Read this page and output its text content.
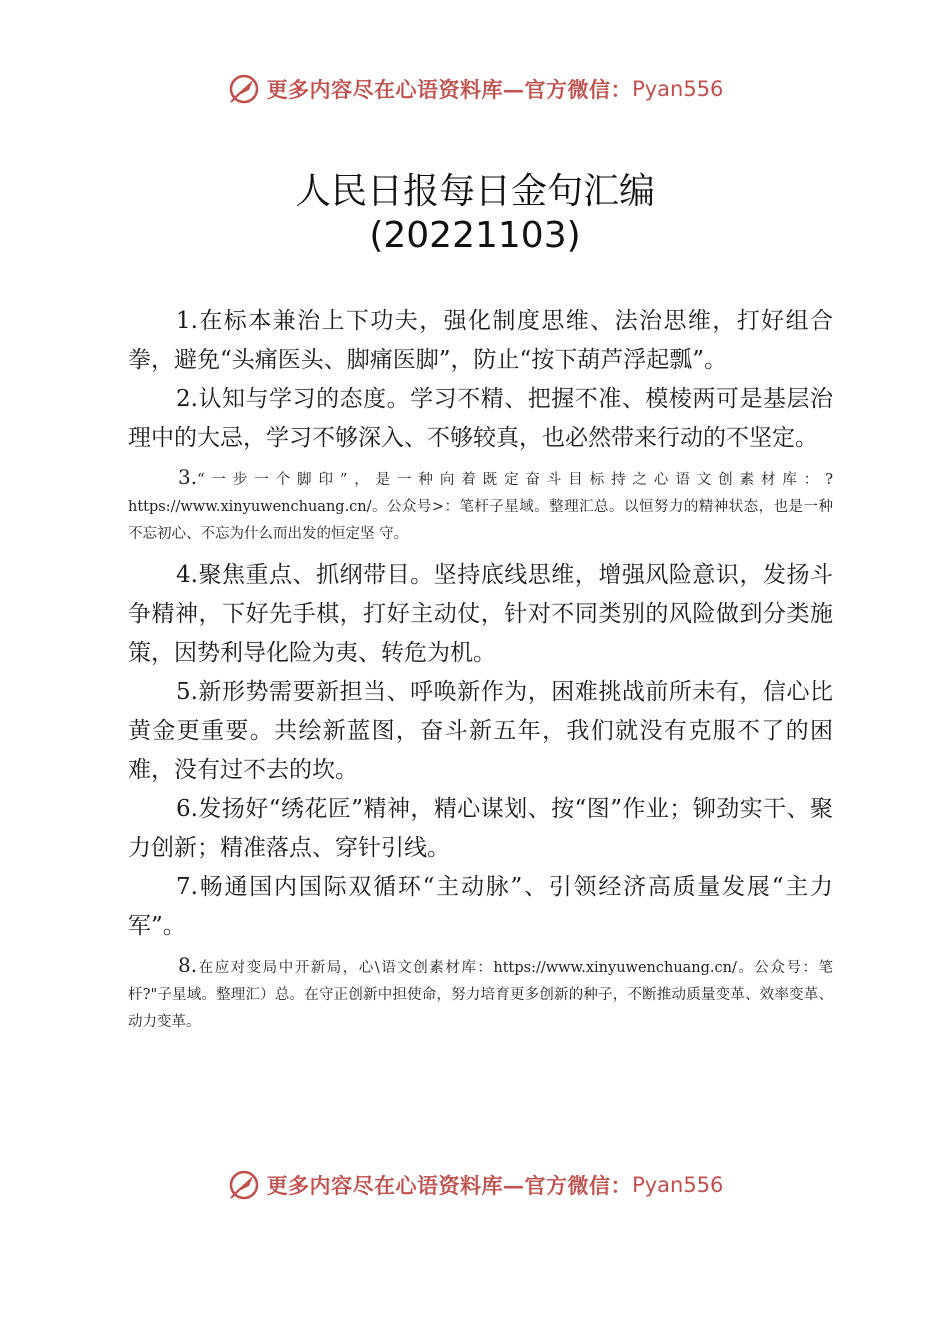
更多内容尽在心语资料库—官方微信： Pyan556
人民日报每日金句汇编
(20221103)

1.在标本兼治上下功夫，强化制度思维、法治思维，打好组合拳，避免“头痛医头、脚痛医脚”，防止“按下葫芦浮起瓢”。

2.认知与学习的态度。学习不精、把握不准、模棱两可是基层治理中的大忌，学习不够深入、不够较真，也必然带来行动的不坚定。

3.“一步一个脚印”，是一种向着既定奋斗目标持之心语文创素材库：?https://www.xinyuwenchuang.cn/。公众号>：笔杆子星域。整理汇总。以恒努力的精神状态，也是一种不忘初心、不忘为什么而出发的恒定坚 守。

4.聚焦重点、抓纲带目。坚持底线思维，增强风险意识，发扬斗争精神，下好先手棋，打好主动仗，针对不同类别的风险做到分类施策，因势利导化险为夷、转危为机。

5.新形势需要新担当、呼唤新作为，困难挑战前所未有，信心比黄金更重要。共绘新蓝图，奋斗新五年，我们就没有克服不了的困难，没有过不去的坎。

6.发扬好“绣花匠”精神，精心谋划、按“图”作业；铆劲实干、聚力创新；精准落点、穿针引线。

7.畅通国内国际双循环“主动脉”、引领经济高质量发展“主力军”。

8.在应对变局中开新局，心\语文创素材库：https://www.xinyuwenchuang.cn/。公众号：笔杆?"子星域。整理汇）总。在守正创新中担使命，努力培育更多创新的种子，不断推动质量变革、效率变革、动力变革。

更多内容尽在心语资料库—官方微信： Pyan556
